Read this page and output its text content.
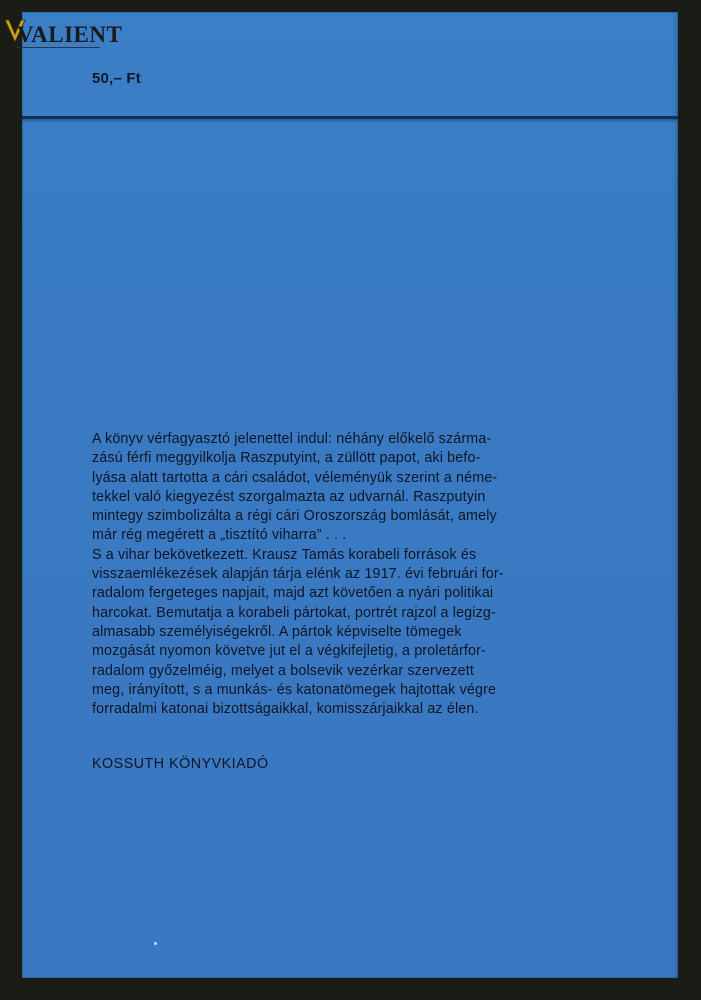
50,– Ft

A könyv vérfagyasztó jelenettel indul: néhány előkelő szárma-

zású férfi meggyilkolja Raszputyint, a züllött papot, aki befo-

lyása alatt tartotta a cári családot, véleményük szerint a néme-

tekkel való kiegyezést szorgalmazta az udvarnál. Raszputyin

mintegy szimbolizálta a régi cári Oroszország bomlását, amely

már rég megérett a „tisztító viharra” . . .

S a vihar bekövetkezett. Krausz Tamás korabeli források és

visszaemlékezések alapján tárja elénk az 1917. évi februári for-

radalom fergeteges napjait, majd azt követően a nyári politikai

harcokat. Bemutatja a korabeli pártokat, portrét rajzol a legizg-

almasabb személyiségekről. A pártok képviselte tömegek

mozgását nyomon követve jut el a végkifejletig, a proletárfor-

radalom győzelméig, melyet a bolsevik vezérkar szervezett

meg, irányított, s a munkás- és katonatömegek hajtottak végre

forradalmi katonai bizottságaikkal, komisszárjaikkal az élen.

KOSSUTH KÖNYVKIADÓ
VALIENT
